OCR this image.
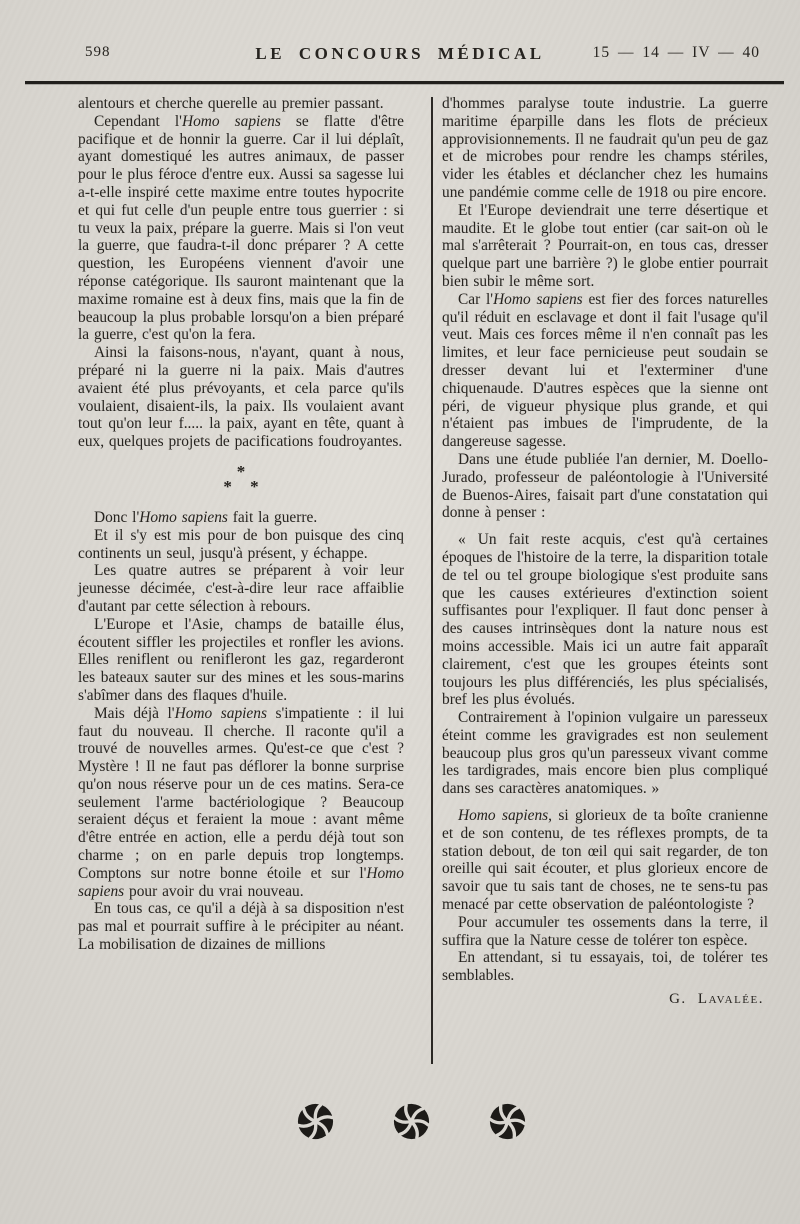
598	LE CONCOURS MÉDICAL	15 — 14 — IV — 40

alentours et cherche querelle au premier passant.

Cependant l'Homo sapiens se flatte d'être pacifique et de honnir la guerre. Car il lui déplaît, ayant domestiqué les autres animaux, de passer pour le plus féroce d'entre eux. Aussi sa sagesse lui a-t-elle inspiré cette maxime entre toutes hypocrite et qui fut celle d'un peuple entre tous guerrier : si tu veux la paix, prépare la guerre. Mais si l'on veut la guerre, que faudra-t-il donc préparer ? A cette question, les Européens viennent d'avoir une réponse catégorique. Ils sauront maintenant que la maxime romaine est à deux fins, mais que la fin de beaucoup la plus probable lorsqu'on a bien préparé la guerre, c'est qu'on la fera.

Ainsi la faisons-nous, n'ayant, quant à nous, préparé ni la guerre ni la paix. Mais d'autres avaient été plus prévoyants, et cela parce qu'ils voulaient, disaient-ils, la paix. Ils voulaient avant tout qu'on leur f..... la paix, ayant en tête, quant à eux, quelques projets de pacifications foudroyantes.

*
* *

Donc l'Homo sapiens fait la guerre.

Et il s'y est mis pour de bon puisque des cinq continents un seul, jusqu'à présent, y échappe.

Les quatre autres se préparent à voir leur jeunesse décimée, c'est-à-dire leur race affaiblie d'autant par cette sélection à rebours.

L'Europe et l'Asie, champs de bataille élus, écoutent siffler les projectiles et ronfler les avions. Elles reniflent ou renifleront les gaz, regarderont les bateaux sauter sur des mines et les sous-marins s'abîmer dans des flaques d'huile.

Mais déjà l'Homo sapiens s'impatiente : il lui faut du nouveau. Il cherche. Il raconte qu'il a trouvé de nouvelles armes. Qu'est-ce que c'est ? Mystère ! Il ne faut pas déflorer la bonne surprise qu'on nous réserve pour un de ces matins. Sera-ce seulement l'arme bactériologique ? Beaucoup seraient déçus et feraient la moue : avant même d'être entrée en action, elle a perdu déjà tout son charme ; on en parle depuis trop longtemps. Comptons sur notre bonne étoile et sur l'Homo sapiens pour avoir du vrai nouveau.

En tous cas, ce qu'il a déjà à sa disposition n'est pas mal et pourrait suffire à le précipiter au néant. La mobilisation de dizaines de millions

d'hommes paralyse toute industrie. La guerre maritime éparpille dans les flots de précieux approvisionnements. Il ne faudrait qu'un peu de gaz et de microbes pour rendre les champs stériles, vider les étables et déclancher chez les humains une pandémie comme celle de 1918 ou pire encore.

Et l'Europe deviendrait une terre désertique et maudite. Et le globe tout entier (car sait-on où le mal s'arrêterait ? Pourrait-on, en tous cas, dresser quelque part une barrière ?) le globe entier pourrait bien subir le même sort.

Car l'Homo sapiens est fier des forces naturelles qu'il réduit en esclavage et dont il fait l'usage qu'il veut. Mais ces forces même il n'en connaît pas les limites, et leur face pernicieuse peut soudain se dresser devant lui et l'exterminer d'une chiquenaude. D'autres espèces que la sienne ont péri, de vigueur physique plus grande, et qui n'étaient pas imbues de l'imprudente, de la dangereuse sagesse.

Dans une étude publiée l'an dernier, M. Doello-Jurado, professeur de paléontologie à l'Université de Buenos-Aires, faisait part d'une constatation qui donne à penser :

« Un fait reste acquis, c'est qu'à certaines époques de l'histoire de la terre, la disparition totale de tel ou tel groupe biologique s'est produite sans que les causes extérieures d'extinction soient suffisantes pour l'expliquer. Il faut donc penser à des causes intrinsèques dont la nature nous est moins accessible. Mais ici un autre fait apparaît clairement, c'est que les groupes éteints sont toujours les plus différenciés, les plus spécialisés, bref les plus évolués.

Contrairement à l'opinion vulgaire un paresseux éteint comme les gravigrades est non seulement beaucoup plus gros qu'un paresseux vivant comme les tardigrades, mais encore bien plus compliqué dans ses caractères anatomiques. »

Homo sapiens, si glorieux de ta boîte cranienne et de son contenu, de tes réflexes prompts, de ta station debout, de ton œil qui sait regarder, de ton oreille qui sait écouter, et plus glorieux encore de savoir que tu sais tant de choses, ne te sens-tu pas menacé par cette observation de paléontologiste ?

Pour accumuler tes ossements dans la terre, il suffira que la Nature cesse de tolérer ton espèce.

En attendant, si tu essayais, toi, de tolérer tes semblables.

G. Lavalée.
